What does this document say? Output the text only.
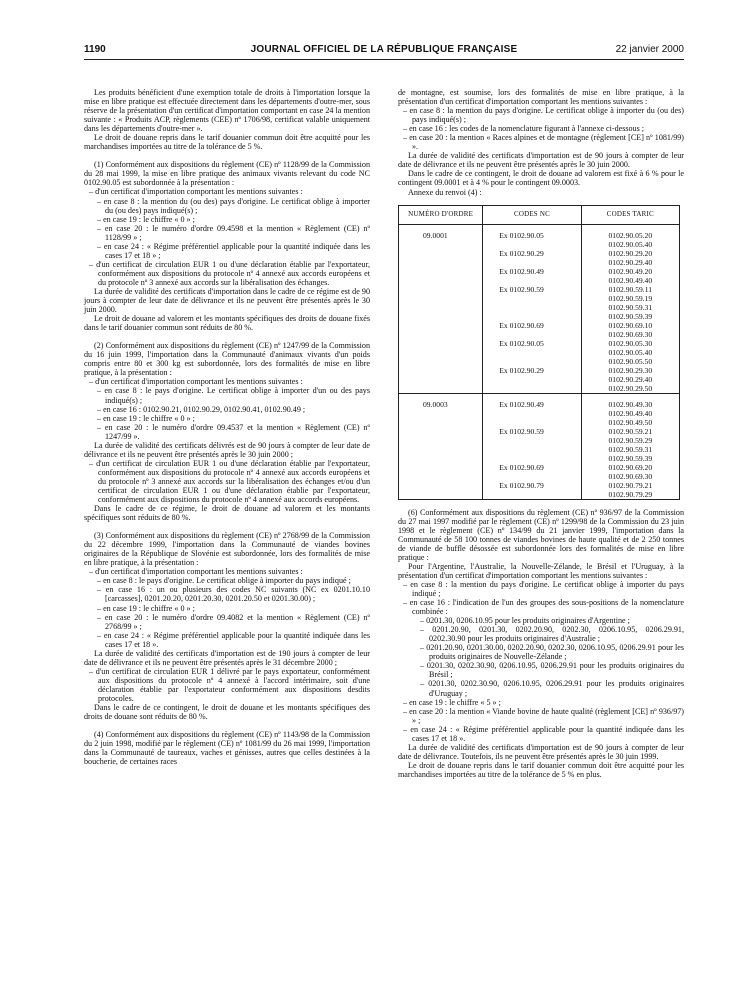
1190	JOURNAL OFFICIEL DE LA RÉPUBLIQUE FRANÇAISE	22 janvier 2000

Les produits bénéficient d'une exemption totale de droits à l'importation lorsque la mise en libre pratique est effectuée directement dans les départements d'outre-mer, sous réserve de la présentation d'un certificat d'importation comportant en case 24 la mention suivante : « Produits ACP, règlements (CEE) nº 1706/98, certificat valable uniquement dans les départements d'outre-mer ».

Le droit de douane repris dans le tarif douanier commun doit être acquitté pour les marchandises importées au titre de la tolérance de 5 %.

(1) Conformément aux dispositions du règlement (CE) nº 1128/99 de la Commission du 28 mai 1999, la mise en libre pratique des animaux vivants relevant du code NC 0102.90.05 est subordonnée à la présentation :

– d'un certificat d'importation comportant les mentions suivantes :
– en case 8 : la mention du (ou des) pays d'origine. Le certificat oblige à importer du (ou des) pays indiqué(s) ;
– en case 19 : le chiffre « 0 » ;
– en case 20 : le numéro d'ordre 09.4598 et la mention « Règlement (CE) nº 1128/99 » ;
– en case 24 : « Régime préférentiel applicable pour la quantité indiquée dans les cases 17 et 18 » ;
– d'un certificat de circulation EUR 1 ou d'une déclaration établie par l'exportateur, conformément aux dispositions du protocole nº 4 annexé aux accords européens et du protocole nº 3 annexé aux accords sur la libéralisation des échanges.

La durée de validité des certificats d'importation dans le cadre de ce régime est de 90 jours à compter de leur date de délivrance et ils ne peuvent être présentés après le 30 juin 2000.

Le droit de douane ad valorem et les montants spécifiques des droits de douane fixés dans le tarif douanier commun sont réduits de 80 %.

(2) Conformément aux dispositions du règlement (CE) nº 1247/99 de la Commission du 16 juin 1999, l'importation dans la Communauté d'animaux vivants d'un poids compris entre 80 et 300 kg est subordonnée, lors des formalités de mise en libre pratique, à la présentation :

– d'un certificat d'importation comportant les mentions suivantes :
– en case 8 : le pays d'origine. Le certificat oblige à importer d'un ou des pays indiqué(s) ;
– en case 16 : 0102.90.21, 0102.90.29, 0102.90.41, 0102.90.49 ;
– en case 19 : le chiffre « 0 » ;
– en case 20 : le numéro d'ordre 09.4537 et la mention « Règlement (CE) nº 1247/99 ».

La durée de validité des certificats délivrés est de 90 jours à compter de leur date de délivrance et ils ne peuvent être présentés après le 30 juin 2000 ;

– d'un certificat de circulation EUR 1 ou d'une déclaration établie par l'exportateur, conformément aux dispositions du protocole nº 4 annexé aux accords européens et du protocole nº 3 annexé aux accords sur la libéralisation des échanges et/ou d'un certificat de circulation EUR 1 ou d'une déclaration établie par l'exportateur, conformément aux dispositions du protocole nº 4 annexé aux accords européens.

Dans le cadre de ce régime, le droit de douane ad valorem et les montants spécifiques sont réduits de 80 %.

(3) Conformément aux dispositions du règlement (CE) nº 2768/99 de la Commission du 22 décembre 1999, l'importation dans la Communauté de viandes bovines originaires de la République de Slovénie est subordonnée, lors des formalités de mise en libre pratique, à la présentation :

– d'un certificat d'importation comportant les mentions suivantes :
– en case 8 : le pays d'origine. Le certificat oblige à importer du pays indiqué ;
– en case 16 : un ou plusieurs des codes NC suivants (NC ex 0201.10.10 [carcasses], 0201.20.20, 0201.20.30, 0201.20.50 et 0201.30.00) ;
– en case 19 : le chiffre « 0 » ;
– en case 20 : le numéro d'ordre 09.4082 et la mention « Règlement (CE) nº 2768/99 » ;
– en case 24 : « Régime préférentiel applicable pour la quantité indiquée dans les cases 17 et 18 ».

La durée de validité des certificats d'importation est de 190 jours à compter de leur date de délivrance et ils ne peuvent être présentés après le 31 décembre 2000 ;

– d'un certificat de circulation EUR 1 délivré par le pays exportateur, conformément aux dispositions du protocole nº 4 annexé à l'accord intérimaire, soit d'une déclaration établie par l'exportateur conformément aux dispositions desdits protocoles.

Dans le cadre de ce contingent, le droit de douane et les montants spécifiques des droits de douane sont réduits de 80 %.

(4) Conformément aux dispositions du règlement (CE) nº 1143/98 de la Commission du 2 juin 1998, modifié par le règlement (CE) nº 1081/99 du 26 mai 1999, l'importation dans la Communauté de taureaux, vaches et génisses, autres que celles destinées à la boucherie, de certaines races

de montagne, est soumise, lors des formalités de mise en libre pratique, à la présentation d'un certificat d'importation comportant les mentions suivantes :

– en case 8 : la mention du pays d'origine. Le certificat oblige à importer du (ou des) pays indiqué(s) ;
– en case 16 : les codes de la nomenclature figurant à l'annexe ci-dessous ;
– en case 20 : la mention « Races alpines et de montagne (règlement [CE] nº 1081/99) ».

La durée de validité des certificats d'importation est de 90 jours à compter de leur date de délivrance et ils ne peuvent être présentés après le 30 juin 2000.

Dans le cadre de ce contingent, le droit de douane ad valorem est fixé à 6 % pour le contingent 09.0001 et à 4 % pour le contingent 09.0003.

Annexe du renvoi (4) :

NUMÉRO D'ORDRE	CODES NC	CODES TARIC
09.0001	Ex 0102.90.05	0102.90.05.20
0102.90.05.40

	Ex 0102.90.29	0102.90.29.20
0102.90.29.40

	Ex 0102.90.49	0102.90.49.20
0102.90.49.40

	Ex 0102.90.59	0102.90.59.11
0102.90.59.19
0102.90.59.31
0102.90.59.39

	Ex 0102.90.69	0102.90.69.10
0102.90.69.30

	Ex 0102.90.05	0102.90.05.30
0102.90.05.40
0102.90.05.50

	Ex 0102.90.29	0102.90.29.30
0102.90.29.40
0102.90.29.50

09.0003	Ex 0102.90.49	0102.90.49.30
0102.90.49.40
0102.90.49.50

	Ex 0102.90.59	0102.90.59.21
0102.90.59.29
0102.90.59.31
0102.90.59.39

	Ex 0102.90.69	0102.90.69.20
0102.90.69.30

	Ex 0102.90.79	0102.90.79.21
0102.90.79.29

(6) Conformément aux dispositions du règlement (CE) nº 936/97 de la Commission du 27 mai 1997 modifié par le règlement (CE) nº 1299/98 de la Commission du 23 juin 1998 et le règlement (CE) nº 134/99 du 21 janvier 1999, l'importation dans la Communauté de 58 100 tonnes de viandes bovines de haute qualité et de 2 250 tonnes de viande de buffle désossée est subordonnée lors des formalités de mise en libre pratique :

Pour l'Argentine, l'Australie, la Nouvelle-Zélande, le Brésil et l'Uruguay, à la présentation d'un certificat d'importation comportant les mentions suivantes :

– en case 8 : la mention du pays d'origine. Le certificat oblige à importer du pays indiqué ;
– en case 16 : l'indication de l'un des groupes des sous-positions de la nomenclature combinée :
– 0201.30, 0206.10.95 pour les produits originaires d'Argentine ;
– 0201.20.90, 0201.30, 0202.20.90, 0202.30, 0206.10.95, 0206.29.91, 0202.30.90 pour les produits originaires d'Australie ;
– 0201.20.90, 0201.30.00, 0202.20.90, 0202.30, 0206.10.95, 0206.29.91 pour les produits originaires de Nouvelle-Zélande ;
– 0201.30, 0202.30.90, 0206.10.95, 0206.29.91 pour les produits originaires du Brésil ;
– 0201.30, 0202.30.90, 0206.10.95, 0206.29.91 pour les produits originaires d'Uruguay ;
– en case 19 : le chiffre « 5 » ;
– en case 20 : la mention « Viande bovine de haute qualité (règlement [CE] nº 936/97) » ;
– en case 24 : « Régime préférentiel applicable pour la quantité indiquée dans les cases 17 et 18 ».

La durée de validité des certificats d'importation est de 90 jours à compter de leur date de délivrance. Toutefois, ils ne peuvent être présentés après le 30 juin 1999.

Le droit de douane repris dans le tarif douanier commun doit être acquitté pour les marchandises importées au titre de la tolérance de 5 % en plus.
